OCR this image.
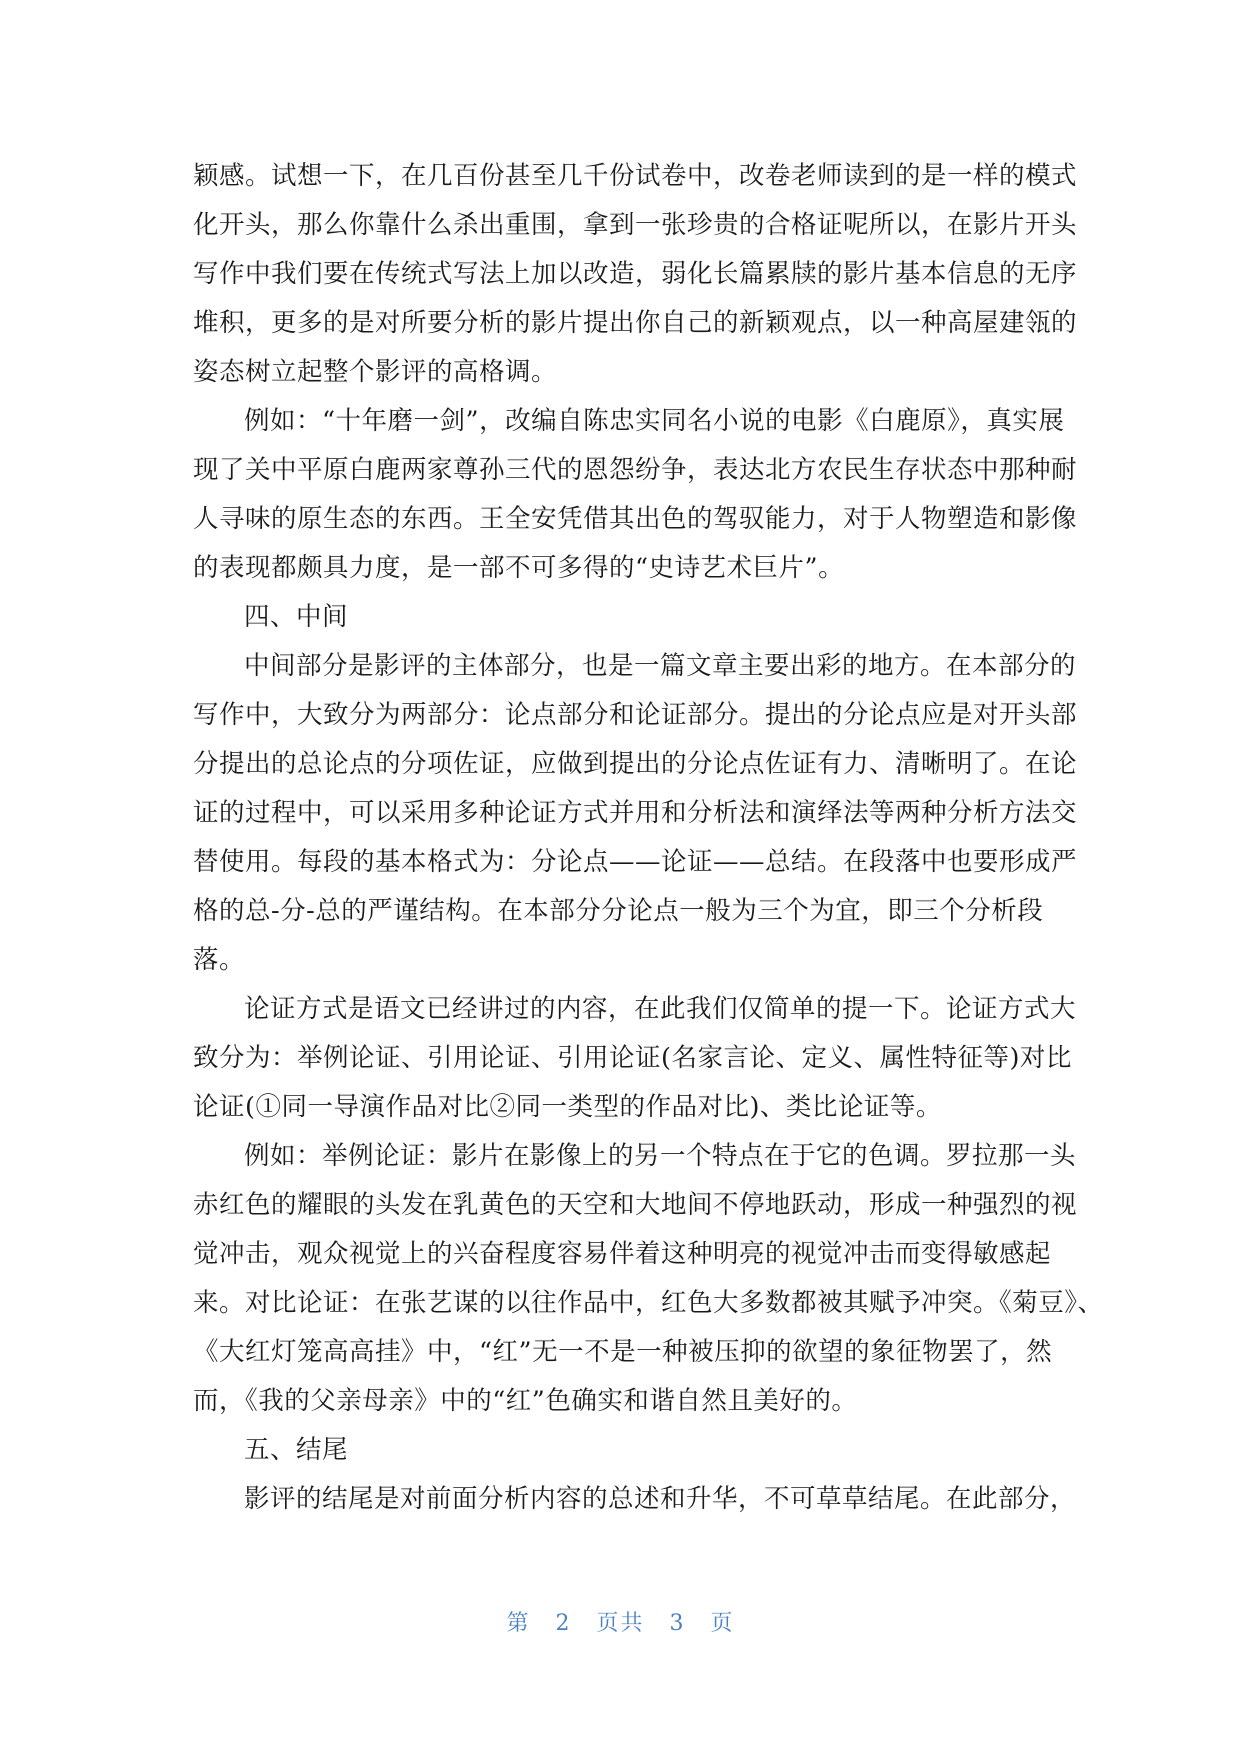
颖感。试想一下，在几百份甚至几千份试卷中，改卷老师读到的是一样的模式
化开头，那么你靠什么杀出重围，拿到一张珍贵的合格证呢所以，在影片开头
写作中我们要在传统式写法上加以改造，弱化长篇累牍的影片基本信息的无序
堆积，更多的是对所要分析的影片提出你自己的新颖观点，以一种高屋建瓴的
姿态树立起整个影评的高格调。
例如：“十年磨一剑”，改编自陈忠实同名小说的电影《白鹿原》，真实展
现了关中平原白鹿两家尊孙三代的恩怨纷争，表达北方农民生存状态中那种耐
人寻味的原生态的东西。王全安凭借其出色的驾驭能力，对于人物塑造和影像
的表现都颇具力度，是一部不可多得的“史诗艺术巨片”。
四、中间
中间部分是影评的主体部分，也是一篇文章主要出彩的地方。在本部分的
写作中，大致分为两部分：论点部分和论证部分。提出的分论点应是对开头部
分提出的总论点的分项佐证，应做到提出的分论点佐证有力、清晰明了。在论
证的过程中，可以采用多种论证方式并用和分析法和演绎法等两种分析方法交
替使用。每段的基本格式为：分论点——论证——总结。在段落中也要形成严
格的总-分-总的严谨结构。在本部分分论点一般为三个为宜，即三个分析段
落。
论证方式是语文已经讲过的内容，在此我们仅简单的提一下。论证方式大
致分为：举例论证、引用论证、引用论证(名家言论、定义、属性特征等)对比
论证(①同一导演作品对比②同一类型的作品对比)、类比论证等。
例如：举例论证：影片在影像上的另一个特点在于它的色调。罗拉那一头
赤红色的耀眼的头发在乳黄色的天空和大地间不停地跃动，形成一种强烈的视
觉冲击，观众视觉上的兴奋程度容易伴着这种明亮的视觉冲击而变得敏感起
来。对比论证：在张艺谋的以往作品中，红色大多数都被其赋予冲突。《菊豆》、
《大红灯笼高高挂》中，“红”无一不是一种被压抑的欲望的象征物罢了，然
而，《我的父亲母亲》中的“红”色确实和谐自然且美好的。
五、结尾
影评的结尾是对前面分析内容的总述和升华，不可草草结尾。在此部分，
第 2 页共 3 页
